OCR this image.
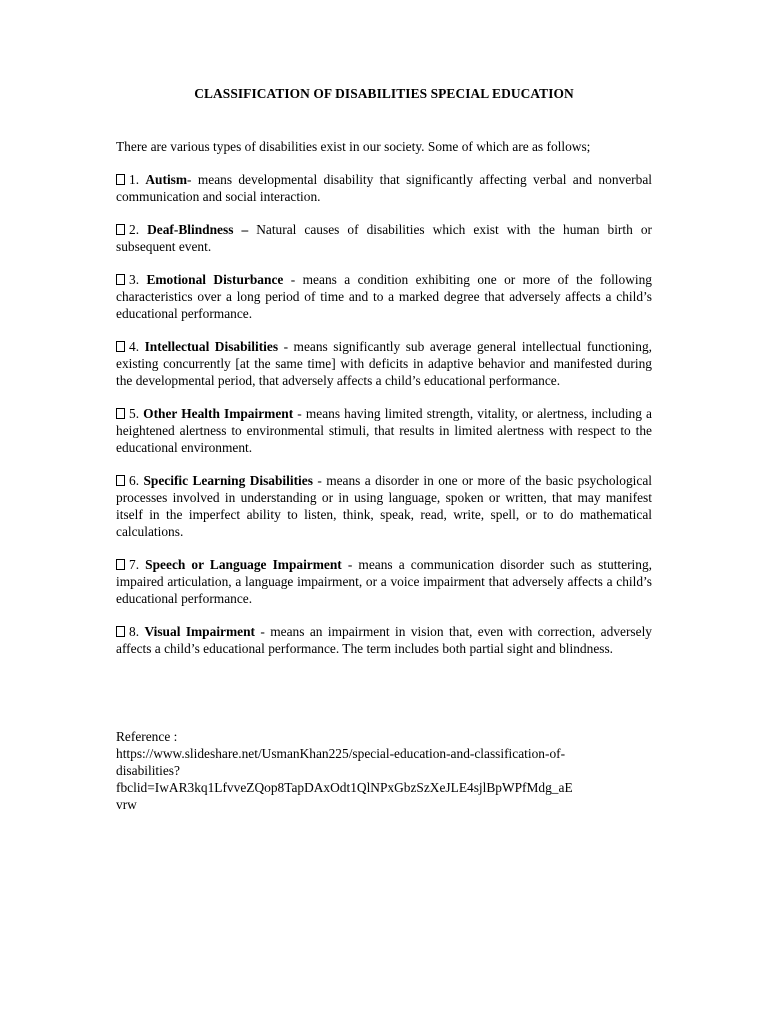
CLASSIFICATION OF DISABILITIES SPECIAL EDUCATION
There are various types of disabilities exist in our society. Some of which are as follows;
1. Autism- means developmental disability that significantly affecting verbal and nonverbal communication and social interaction.
2. Deaf-Blindness – Natural causes of disabilities which exist with the human birth or subsequent event.
3. Emotional Disturbance - means a condition exhibiting one or more of the following characteristics over a long period of time and to a marked degree that adversely affects a child’s educational performance.
4. Intellectual Disabilities - means significantly sub average general intellectual functioning, existing concurrently [at the same time] with deficits in adaptive behavior and manifested during the developmental period, that adversely affects a child’s educational performance.
5. Other Health Impairment - means having limited strength, vitality, or alertness, including a heightened alertness to environmental stimuli, that results in limited alertness with respect to the educational environment.
6. Specific Learning Disabilities - means a disorder in one or more of the basic psychological processes involved in understanding or in using language, spoken or written, that may manifest itself in the imperfect ability to listen, think, speak, read, write, spell, or to do mathematical calculations.
7. Speech or Language Impairment - means a communication disorder such as stuttering, impaired articulation, a language impairment, or a voice impairment that adversely affects a child’s educational performance.
8. Visual Impairment - means an impairment in vision that, even with correction, adversely affects a child’s educational performance. The term includes both partial sight and blindness.
Reference :
https://www.slideshare.net/UsmanKhan225/special-education-and-classification-of-
disabilities?
fbclid=IwAR3kq1LfvveZQop8TapDAxOdt1QlNPxGbzSzXeJLE4sjlBpWPfMdg_aE
vrw
